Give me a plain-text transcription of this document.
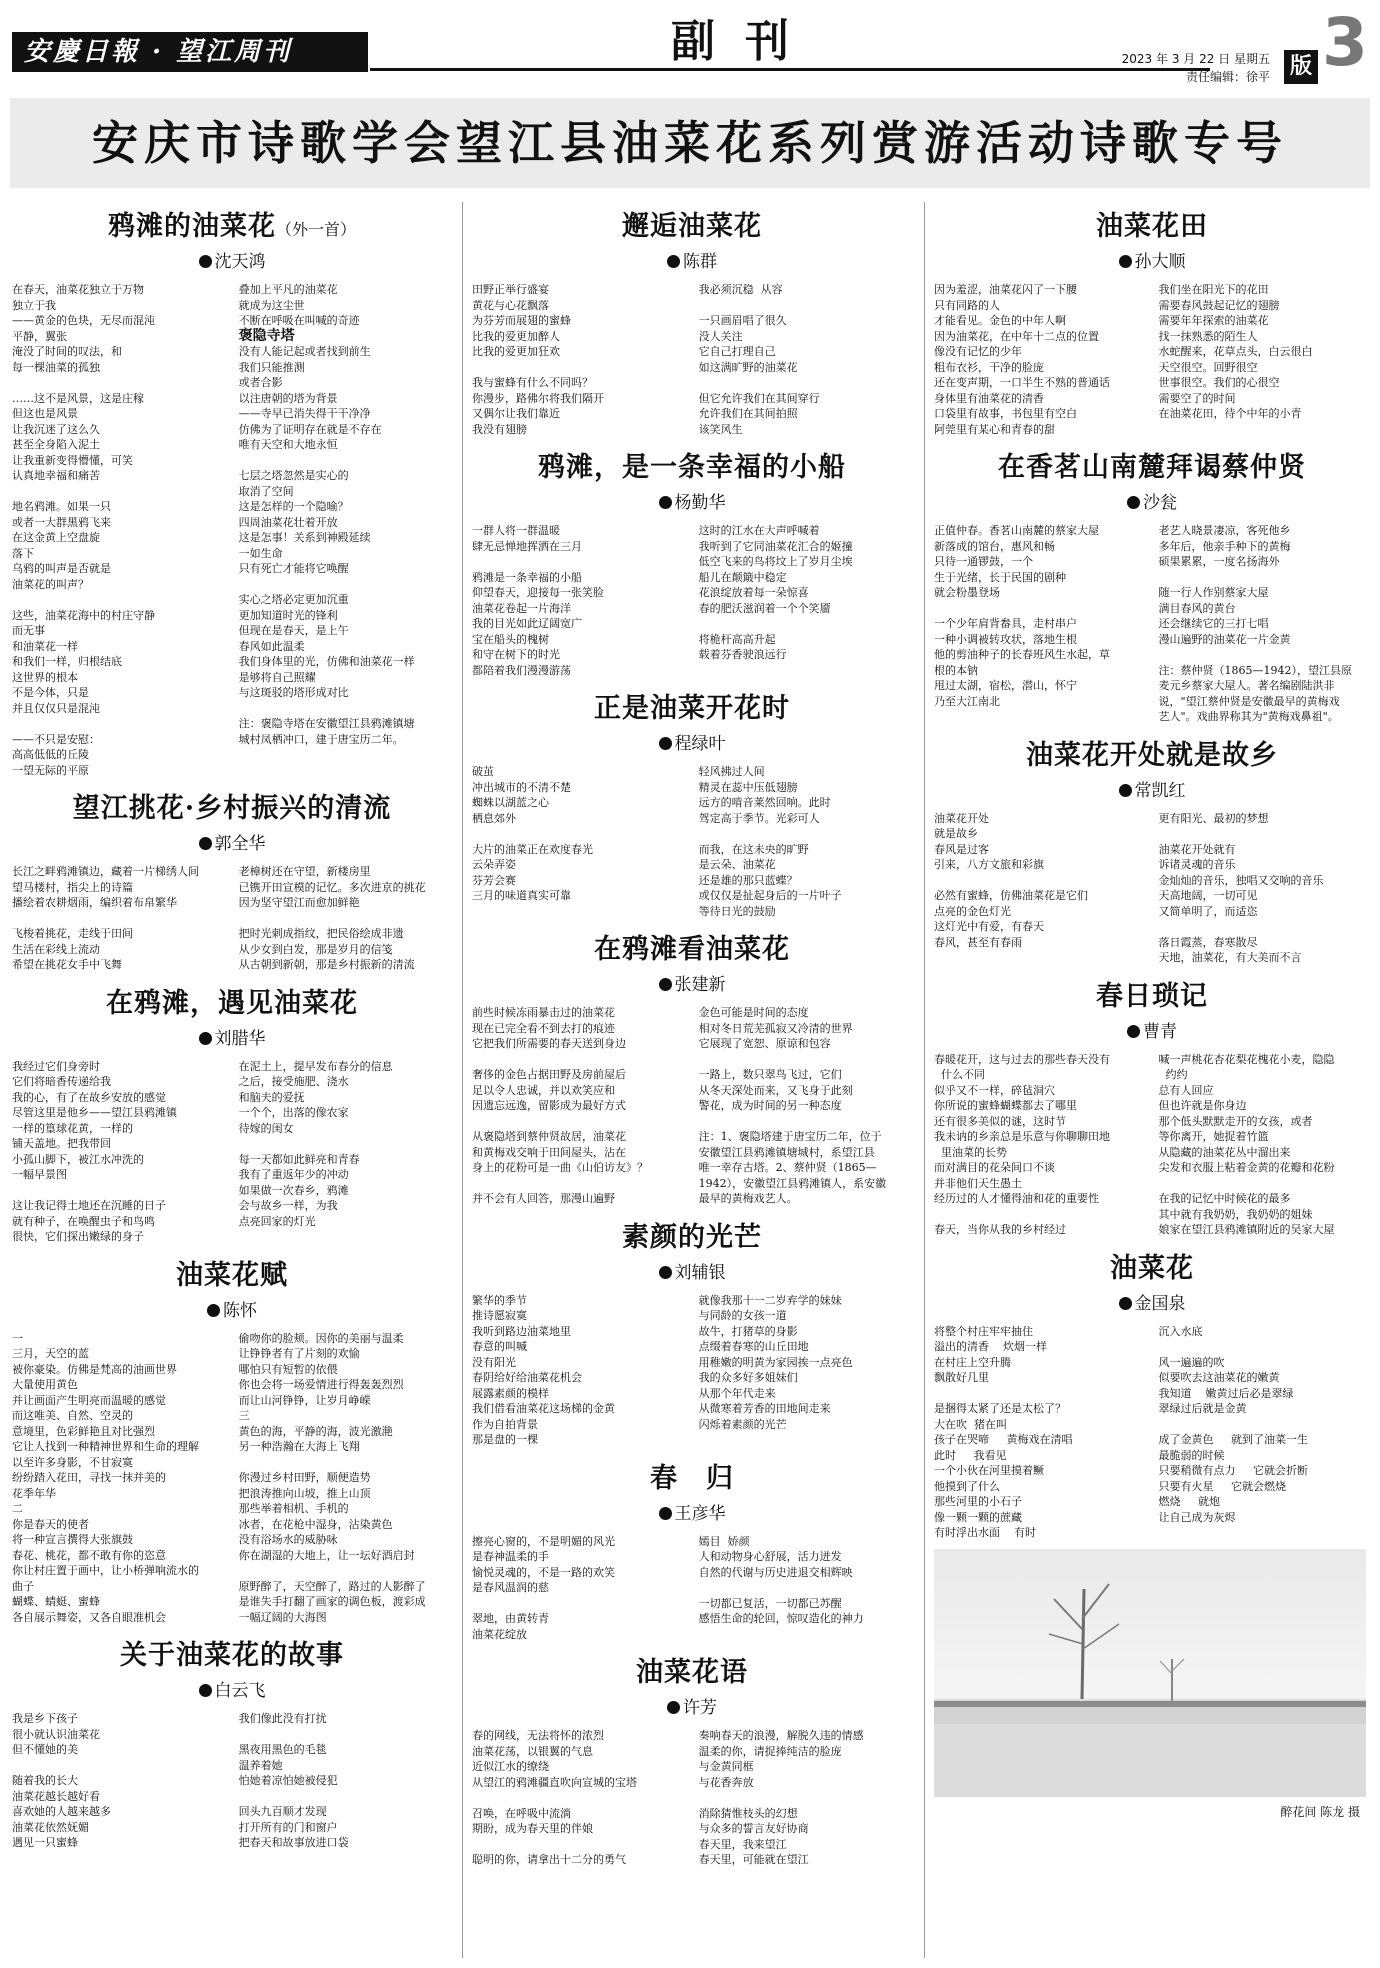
安慶日報 · 望江周刊	副刊	2023 年 3 月 22 日 星期五
责任编辑：徐平 版 3
安庆市诗歌学会望江县油菜花系列赏游活动诗歌专号
鸦滩的油菜花（外一首）
沈天鸿
在春天，油菜花独立于万物
独立于我
——黄金的色块，无尽而混沌
平静，翼张
淹没了时间的叹法，和
每一棵油菜的孤独

……这不是风景，这是庄稼
但这也是风景
让我沉迷了这么久
甚至全身陷入泥土
让我重新变得懵懂，可笑
认真地幸福和痛苦

地名鸦滩。如果一只
或者一大群黑鸦飞来
在这金黄上空盘旋
落下
乌鸦的叫声是否就是
油菜花的叫声？

这些，油菜花海中的村庄守静
而无事
和油菜花一样
和我们一样，归根结底
这世界的根本
不是今体，只是
并且仅仅只是混沌

——不只是安慰：
高高低低的丘陵
一望无际的平原
叠加上平凡的油菜花
就成为这尘世
不断在呼吸在叫喊的奇迹
褒隐寺塔
没有人能记起或者找到前生
我们只能推测
或者合影
以注唐朝的塔为背景
——寺早已消失得干干净净
仿佛为了证明存在就是不存在
唯有天空和大地永恒

七层之塔忽然是实心的
取消了空间
这是怎样的一个隐喻？
四周油菜花壮着开放
这是怎事！关系到神殿延续
一如生命
只有死亡才能将它唤醒

实心之塔必定更加沉重
更加知道时光的锋利
但现在是春天，是上午
春风如此温柔
我们身体里的光，仿佛和油菜花一样
是够将自己照耀
与这斑驳的塔形成对比

注：褒隐寺塔在安徽望江县鸦滩镇塘
城村凤栖冲口，建于唐宝历二年。
望江挑花·乡村振兴的清流
郭全华
长江之畔鸦滩镇边，藏着一片梯绣人间
望马楼村，指尖上的诗篇
播绘着农耕烟雨，编织着布帛繁华

飞梭着挑花，走线于田间
生活在彩线上流动
希望在挑花女手中飞舞
老樟树还在守望，新楼房里
已镌开田宣模的记忆。多次进京的挑花
因为坚守望江而愈加鲜艳

把时光刺成指纹，把民俗绘成非遗
从少女到白发，那是岁月的信笺
从古朝到新朝，那是乡村振新的清流
在鸦滩，遇见油菜花
刘腊华
我经过它们身旁时
它们将暗香传递给我
我的心，有了在故乡安放的感觉
尽管这里是他乡——望江县鸦滩镇
一样的篁球花黄，一样的
铺天盖地。把我带回
小孤山脚下，被江水冲洗的
一幅早景图

这让我记得土地还在沉睡的日子
就有种子，在唤醒虫子和鸟鸣
很快，它们探出嫩绿的身子
在泥土上，提早发布春分的信息
之后，接受施肥、浇水
和脑夫的爱抚
一个个，出落的像农家
待嫁的闺女

每一天都如此鲜亮和青春
我有了重返年少的冲动
如果做一次春乡，鸦滩
会与故乡一样，为我
点亮回家的灯光
油菜花赋
陈怀
一
三月，天空的蓝
被你豪染。仿佛是梵高的油画世界
大量使用黄色
并让画面产生明亮而温暖的感觉
而这唯美、自然、空灵的
意境里，色彩鲜艳且对比强烈
它让人找到一种精神世界和生命的理解
以至许多身影，不甘寂寞
纷纷踏入花田，寻找一抹并美的
花季年华
二
你是春天的使者
将一种宣言撰得大张旗鼓
春花、桃花，都不敢有你的恣意
你让村庄置于画中，让小桥弹响流水的
曲子
蝴蝶、蜻蜓、蜜蜂
各自展示舞姿，又各自眼准机会
偷吻你的脸颊。因你的美丽与温柔
让铮铮者有了片刻的欢愉
哪怕只有短暂的依偎
你也会将一场爱情进行得轰轰烈烈
而让山河铮铮，让岁月峥嵘
三
黄色的海，平静的海，波光激滟
另一种浩瀚在大海上飞翔

你漫过乡村田野，顺便造势
把浪涛推向山坡，推上山顶
那些举着相机、手机的
冰者，在花枪中湿身，沾染黄色
没有浴场水的威胁咏
你在湖湿的大地上，让一坛好酒启封

原野醉了，天空醉了，路过的人影醉了
是谁失手打翻了画家的调色板，渡彩成
一幅辽阔的大海图
关于油菜花的故事
白云飞
我是乡下孩子
很小就认识油菜花
但不懂她的美

随着我的长大
油菜花越长越好看
喜欢她的人越来越多
油菜花依然妩媚
遇见一只蜜蜂
我们像此没有打扰

黑夜用黑色的毛毯
温养着她
怕她着凉怕她被侵犯

回头九百顺才发现
打开所有的门和窗户
把春天和故事放进口袋
邂逅油菜花
陈群
田野正举行盛宴
黄花与心花飘落
为芬芳而展翅的蜜蜂
比我的爱更加醉人
比我的爱更加狂欢

我与蜜蜂有什么不同吗？
你漫步，路佛尔将我们隔开
又偶尔让我们靠近
我没有翅膀
我必须沉稳  从容

一只画眉唱了很久
没人关注
它自己打理自己
如这满旷野的油菜花

但它允许我们在其间穿行
允许我们在其间拍照
该笑风生
鸦滩，是一条幸福的小船
杨勤华
一群人将一群温暖
肆无忌惮地挥洒在三月

鸦滩是一条幸福的小船
仰望春天，迎接每一张笑脸
油菜花卷起一片海洋
我的目光如此辽阔宽广
宝在船头的槐树
和守在树下的时光
都陪着我们漫漫游荡
这时的江水在大声呼喊着
我听到了它同油菜花汇合的姬撞
低空飞来的鸟将坟上了岁月尘埃
船儿在颠簸中稳定
花浪绽放着每一朵惊喜
春的肥沃滋润着一个个笑靥

将桅杆高高升起
载着芬香驶浪远行
正是油菜开花时
程绿叶
破茧
冲出城市的不清不楚
蜘蛛以湖蓝之心
栖息郊外

大片的油菜正在欢度春光
云朵弄姿
芬芳会赛
三月的味道真实可靠
轻风拂过人间
精灵在蕊中压低翅膀
远方的啃音莱然回响。此时
驾定高于季节。光彩可人

而我，在这未央的旷野
是云朵、油菜花
还是雄的那只蓝蝶？
或仅仅是扯起身后的一片叶子
等待日光的鼓励
在鸦滩看油菜花
张建新
前些时候冻雨暴击过的油菜花
现在已完全看不到去打的痕迹
它把我们所需要的春天送到身边

奢侈的金色占据田野及房前屋后
足以令人忠诚，并以欢笑应和
因遗忘远逸，留影成为最好方式

从褒隐塔到蔡仲贤故居，油菜花
和黄梅戏交响于田间屋头，沾在
身上的花粉可是一曲《山伯访友》？

并不会有人回答，那漫山遍野
金色可能是时间的态度
相对冬日荒芜孤寂又冷清的世界
它展现了宽恕、原谅和包容

一路上，数只翠鸟飞过，它们
从冬天深处而来，又飞身于此刻
警花，成为时间的另一种态度

注：1、褒隐塔建于唐宝历二年，位于
安徽望江县鸦滩镇塘城村，系望江县
唯一幸存古塔。2、蔡仲贤（1865—
1942），安徽望江县鸦滩镇人，系安徽
最早的黄梅戏艺人。
素颜的光芒
刘辅银
繁华的季节
推诗愿寂寞
我听到路边油菜地里
春意的叫喊
没有阳光
春阴给好给油菜花机会
展露素颜的模样
我们借看油菜花这场梯的金黄
作为自拍背景
那是盘的一棵
就像我那十一二岁弃学的妹妹
与同龄的女孩一道
故牛，打猪草的身影
点缀着春寒的山丘田地
用稚嫩的明黄为家园挨一点亮色
我的众多好多姐妹们
从那个年代走来
从微寒着芳香的田地间走来
闪烁着素颜的光芒
春　归
王彦华
擦亮心窗的，不是明媚的风光
是春神温柔的手
愉悦灵魂的，不是一路的欢笑
是春风温润的慈

翠地，由黄转青
油菜花绽放
嫣目  娇颜
人和动物身心舒展，活力迸发
自然的代谢与历史进退交相辉映

一切都已复活，一切都已苏醒
感悟生命的轮回，惊叹造化的神力
油菜花语
许芳
春的网线，无法将怀的浓烈
油菜花荡，以银翼的气息
近似江水的缭绕
从望江的鸦滩疆直吹向宣城的宝塔

召唤，在呼吸中流淌
期盼，成为春天里的伴娘

聪明的你，请拿出十二分的勇气
奏响春天的浪漫，解脱久违的情感
温柔的你，请捉捧纯洁的脸庞
与金黄同框
与花香奔放

消除猜惟枝头的幻想
与众多的誓言友好协商
春天里，我来望江
春天里，可能就在望江
油菜花田
孙大顺
因为羞涩，油菜花闪了一下腰
只有同路的人
才能看见。金色的中年人啊
因为油菜花，在中年十二点的位置
像没有记忆的少年
粗布衣衫，干净的脸庞
还在变声期，一口半生不熟的普通话
身体里有油菜花的清香
口袋里有故事，书包里有空白
阿莞里有某心和青春的甜
我们坐在阳光下的花田
需要春风鼓起记忆的翅膀
需要年年探索的油菜花
找一抹熟悉的陌生人
水蛇醒来，花草点头，白云很白
天空很空。回野很空
世事很空。我们的心很空
需要空了的时间
在油菜花田，待个中年的小青
在香茗山南麓拜谒蔡仲贤
沙瓮
正值仲春。香茗山南麓的蔡家大屋
新落成的馆台，惠风和畅
只待一通锣鼓，一个
生于光绪，长于民国的剧种
就会粉墨登场

一个少年肩背畚具，走村串户
一种小调被转攻状，落地生根
他的剪油种子的长春班风生水起，草
根的本钠
甩过太湖，宿松，潜山，怀宁
乃至大江南北
老艺人晓景凄凉，客死他乡
多年后，他亲手种下的黄梅
硕果累累，一度名扬海外

随一行人作别蔡家大屋
满目春风的黄台
还会继续它的三打七唱
漫山遍野的油菜花一片金黄

注：蔡仲贤（1865—1942），望江县原
麦元乡蔡家大屋人。著名编剧陆洪非
说，"望江蔡仲贤是安徽最早的黄梅戏
艺人"。戏曲界称其为"黄梅戏鼻祖"。
油菜花开处就是故乡
常凯红
油菜花开处
就是故乡
春风是过客
引来，八方文旅和彩旗

必然有蜜蜂，仿佛油菜花是它们
点亮的金色灯光
这灯光中有爱，有春天
春风，甚至有春雨
更有阳光、最初的梦想

油菜花开处就有
诉诸灵魂的音乐
金灿灿的音乐，独唱又交响的音乐
天高地阔，一切可见
又简单明了，而适恣

落日霞蒸，春寒散尽
天地，油菜花，有大美而不言
春日琐记
曹青
春暖花开，这与过去的那些春天没有
什么不同
似乎又不一样，碎毡洞穴
你所说的蜜蜂蝴蝶都去了哪里
还有很多美似的谜，这时节
我未讷的乡亲总是乐意与你聊聊田地
里油菜的长势
而对满目的花朵间口不谈
并非他们天生愚土
经历过的人才懂得油和花的重要性

春天，当你从我的乡村经过
喊一声桃花杏花梨花槐花小麦，隐隐
约约
总有人回应
但也许就是你身边
那个低头默默走开的女孩，或者
等你离开，她捉着竹篮
从隐藏的油菜花丛中溜出来
尖发和衣服上粘着金黄的花瓣和花粉

在我的记忆中时候花的最多
其中就有我奶奶，我奶奶的姐妹
娘家在望江县鸦滩镇附近的吴家大屋
油菜花
金国泉
将整个村庄牢牢抽住
溢出的清香    炊烟一样
在村庄上空升腾
飘散好几里

是捆得太紧了还是太松了？
大在吹  猪在叫
孩子在哭啼     黄梅戏在清唱
此时     我看见
一个小伙在河里摸着鳜
他摸到了什么
那些河里的小石子
像一颗一颗的蔗藏
有时浮出水面    有时
沉入水底

风一遍遍的吹
似要吹去这油菜花的嫩黄
我知道    嫩黄过后必是翠绿
翠绿过后就是金黄

成了金黄色     就到了油菜一生
最脆弱的时候
只要稍微有点力     它就会折断
只要有火星     它就会燃烧
燃烧     就炮
让自己成为灰烬
醉花间 陈龙 摄
